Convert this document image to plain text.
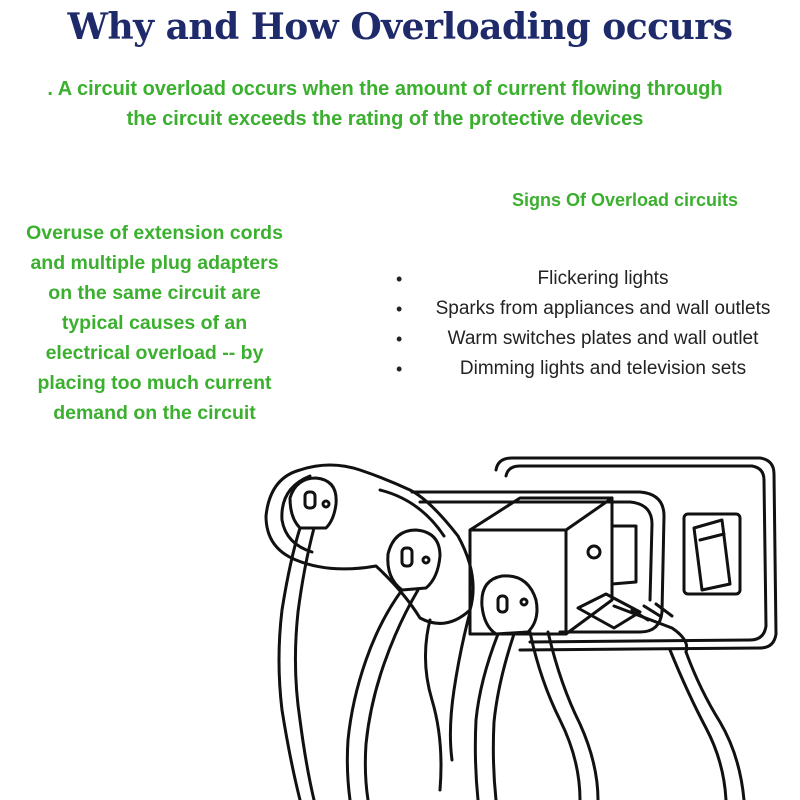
Why and How Overloading occurs
. A circuit overload occurs when the amount of current flowing through the circuit exceeds the rating of the protective devices
Overuse of extension cords and multiple plug adapters on the same circuit are typical causes of an electrical overload -- by placing too much current demand on the circuit
Signs Of Overload circuits
•	Flickering lights
• Sparks from appliances and wall outlets
• Warm switches plates and wall outlet
•	Dimming lights and television sets
